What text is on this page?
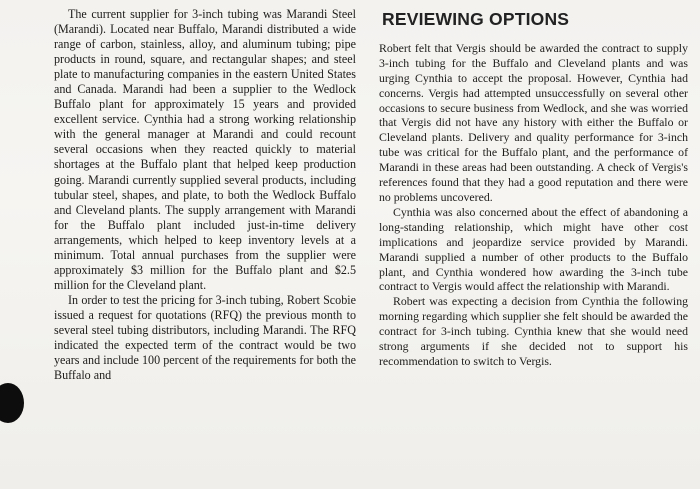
The current supplier for 3-inch tubing was Marandi Steel (Marandi). Located near Buffalo, Marandi distributed a wide range of carbon, stainless, alloy, and aluminum tubing; pipe products in round, square, and rectangular shapes; and steel plate to manufacturing companies in the eastern United States and Canada. Marandi had been a supplier to the Wedlock Buffalo plant for approximately 15 years and provided excellent service. Cynthia had a strong working relationship with the general manager at Marandi and could recount several occasions when they reacted quickly to material shortages at the Buffalo plant that helped keep production going. Marandi currently supplied several products, including tubular steel, shapes, and plate, to both the Wedlock Buffalo and Cleveland plants. The supply arrangement with Marandi for the Buffalo plant included just-in-time delivery arrangements, which helped to keep inventory levels at a minimum. Total annual purchases from the supplier were approximately $3 million for the Buffalo plant and $2.5 million for the Cleveland plant.

In order to test the pricing for 3-inch tubing, Robert Scobie issued a request for quotations (RFQ) the previous month to several steel tubing distributors, including Marandi. The RFQ indicated the expected term of the contract would be two years and include 100 percent of the requirements for both the Buffalo and

REVIEWING OPTIONS

Robert felt that Vergis should be awarded the contract to supply 3-inch tubing for the Buffalo and Cleveland plants and was urging Cynthia to accept the proposal. However, Cynthia had concerns. Vergis had attempted unsuccessfully on several other occasions to secure business from Wedlock, and she was worried that Vergis did not have any history with either the Buffalo or Cleveland plants. Delivery and quality performance for 3-inch tube was critical for the Buffalo plant, and the performance of Marandi in these areas had been outstanding. A check of Vergis's references found that they had a good reputation and there were no problems uncovered.

Cynthia was also concerned about the effect of abandoning a long-standing relationship, which might have other cost implications and jeopardize service provided by Marandi. Marandi supplied a number of other products to the Buffalo plant, and Cynthia wondered how awarding the 3-inch tube contract to Vergis would affect the relationship with Marandi.

Robert was expecting a decision from Cynthia the following morning regarding which supplier she felt should be awarded the contract for 3-inch tubing. Cynthia knew that she would need strong arguments if she decided not to support his recommendation to switch to Vergis.
